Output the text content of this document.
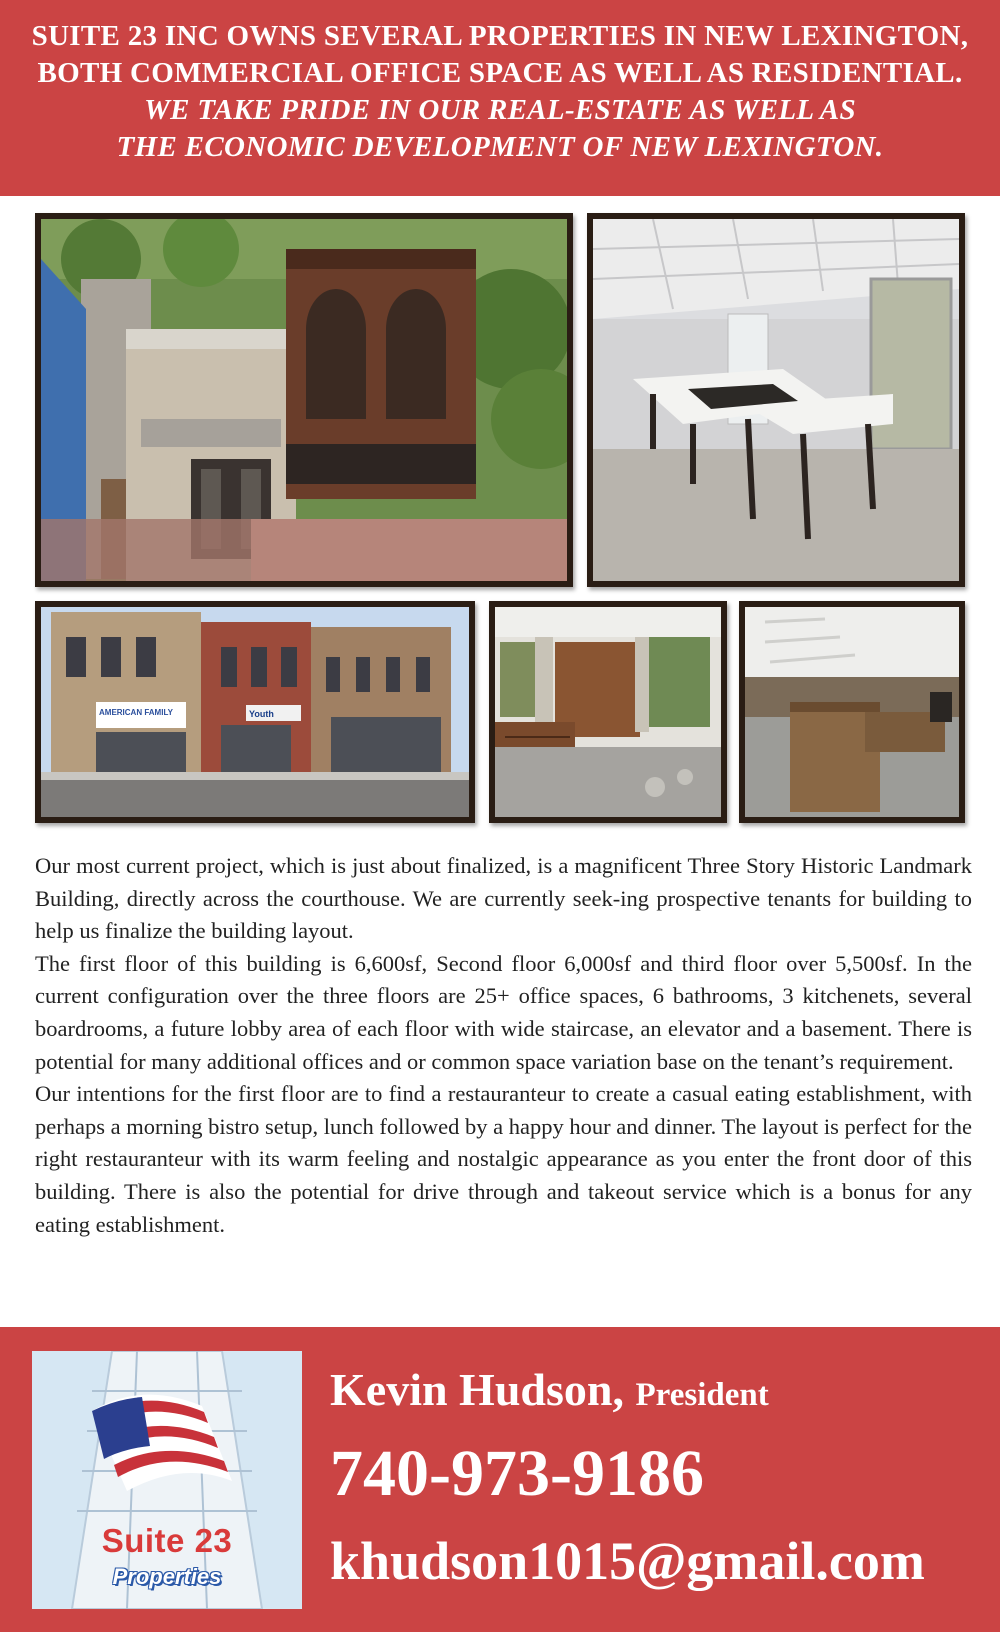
SUITE 23 INC OWNS SEVERAL PROPERTIES IN NEW LEXINGTON,
BOTH COMMERCIAL OFFICE SPACE AS WELL AS RESIDENTIAL.
WE TAKE PRIDE IN OUR REAL-ESTATE AS WELL AS
THE ECONOMIC DEVELOPMENT OF NEW LEXINGTON.
AMERICAN FAMILY	Youth

Our most current project, which is just about finalized, is a magnificent Three Story Historic Landmark Building, directly across the courthouse. We are currently seek-ing prospective tenants for building to help us finalize the building layout.

The first floor of this building is 6,600sf, Second floor 6,000sf and third floor over 5,500sf. In the current configuration over the three floors are 25+ office spaces, 6 bathrooms, 3 kitchenets, several boardrooms, a future lobby area of each floor with wide staircase, an elevator and a basement. There is potential for many additional offices and or common space variation base on the tenant’s requirement.

Our intentions for the first floor are to find a restauranteur to create a casual eating establishment, with perhaps a morning bistro setup, lunch followed by a happy hour and dinner. The layout is perfect for the right restauranteur with its warm feeling and nostalgic appearance as you enter the front door of this building. There is also the potential for drive through and takeout service which is a bonus for any eating establishment.

Suite 23
Properties
Kevin Hudson, President
740-973-9186
khudson1015@gmail.com
